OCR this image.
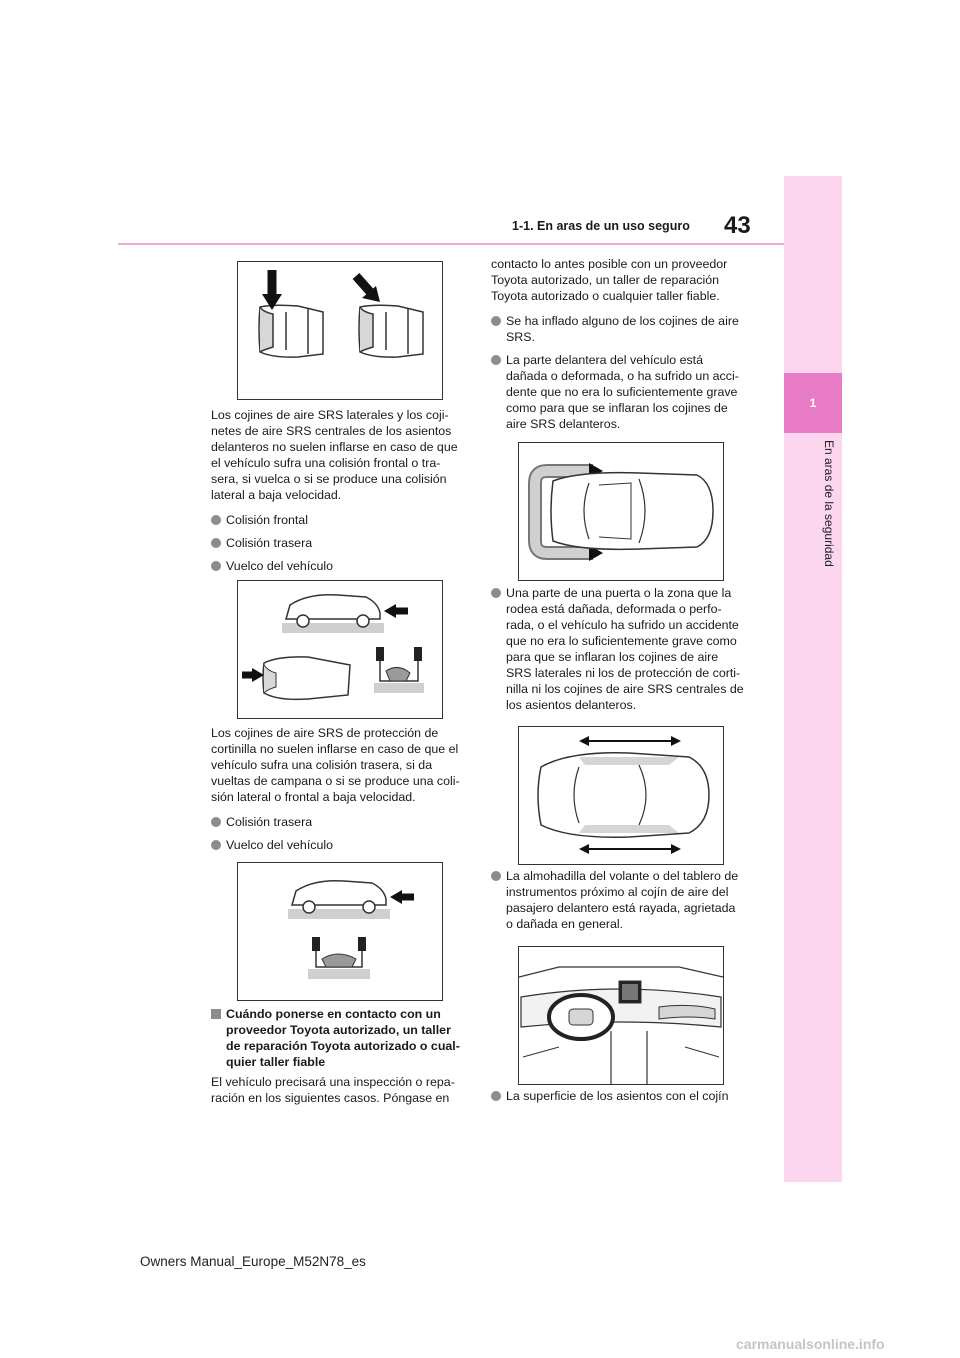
1-1. En aras de un uso seguro 43
1
En aras de la seguridad

Los cojines de aire SRS laterales y los coji-
netes de aire SRS centrales de los asientos
delanteros no suelen inflarse en caso de que
el vehículo sufra una colisión frontal o tra-
sera, si vuelca o si se produce una colisión
lateral a baja velocidad.

Colisión frontal
Colisión trasera
Vuelco del vehículo

Los cojines de aire SRS de protección de
cortinilla no suelen inflarse en caso de que el
vehículo sufra una colisión trasera, si da
vueltas de campana o si se produce una coli-
sión lateral o frontal a baja velocidad.

Colisión trasera
Vuelco del vehículo
Cuándo ponerse en contacto con un
proveedor Toyota autorizado, un taller
de reparación Toyota autorizado o cual-
quier taller fiable

El vehículo precisará una inspección o repa-
ración en los siguientes casos. Póngase en

contacto lo antes posible con un proveedor
Toyota autorizado, un taller de reparación
Toyota autorizado o cualquier taller fiable.

Se ha inflado alguno de los cojines de aire
SRS.
La parte delantera del vehículo está
dañada o deformada, o ha sufrido un acci-
dente que no era lo suficientemente grave
como para que se inflaran los cojines de
aire SRS delanteros.
Una parte de una puerta o la zona que la
rodea está dañada, deformada o perfo-
rada, o el vehículo ha sufrido un accidente
que no era lo suficientemente grave como
para que se inflaran los cojines de aire
SRS laterales ni los de protección de corti-
nilla ni los cojines de aire SRS centrales de
los asientos delanteros.
La almohadilla del volante o del tablero de
instrumentos próximo al cojín de aire del
pasajero delantero está rayada, agrietada
o dañada en general.
La superficie de los asientos con el cojín
Owners Manual_Europe_M52N78_es
carmanualsonline.info
